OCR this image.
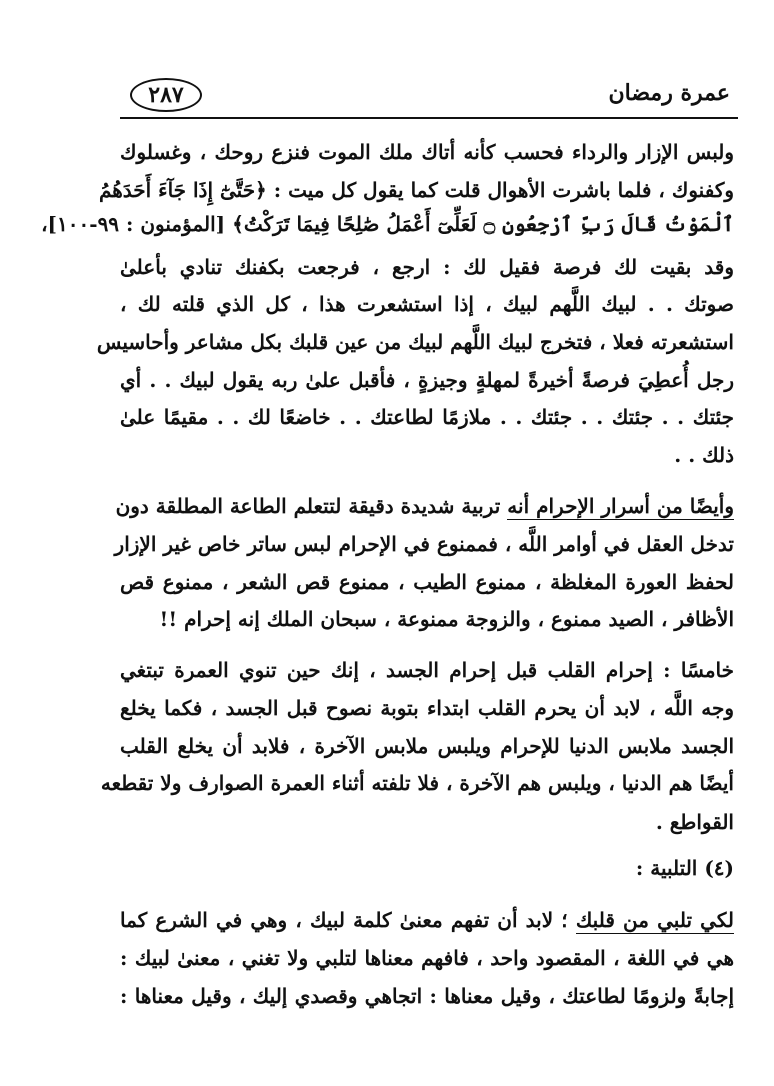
عمرة رمضان
٢٨٧
ولبس الإزار والرداء فحسب كأنه أتاك ملك الموت فنزع روحك ، وغسلوك
وكفنوك ، فلما باشرت الأهوال قلت كما يقول كل ميت : ﴿حَتَّىٰٓ إِذَا جَآءَ أَحَدَهُمُ
ٱلْمَوْتُ قَالَ رَبِّ ٱرْجِعُونِ ۝ لَعَلِّىٓ أَعْمَلُ صَٰلِحًا فِيمَا تَرَكْتُ﴾ [المؤمنون : ٩٩-١٠٠]،
وقد بقيت لك فرصة فقيل لك : ارجع ، فرجعت بكفنك تنادي بأعلىٰ
صوتك . . لبيك اللَّهم لبيك ، إذا استشعرت هذا ، كل الذي قلته لك ،
استشعرته فعلا ، فتخرج لبيك اللَّهم لبيك من عين قلبك بكل مشاعر وأحاسيس
رجل أُعطِيَ فرصةً أخيرةً لمهلةٍ وجيزةٍ ، فأقبل علىٰ ربه يقول لبيك . . أي
جئتك . . جئتك . . جئتك . . ملازمًا لطاعتك . . خاضعًا لك . . مقيمًا علىٰ
ذلك . .
وأيضًا من أسرار الإحرام أنه تربية شديدة دقيقة لتتعلم الطاعة المطلقة دون
تدخل العقل في أوامر اللَّه ، فممنوع في الإحرام لبس ساتر خاص غير الإزار
لحفظ العورة المغلظة ، ممنوع الطيب ، ممنوع قص الشعر ، ممنوع قص
الأظافر ، الصيد ممنوع ، والزوجة ممنوعة ، سبحان الملك إنه إحرام !!
خامسًا : إحرام القلب قبل إحرام الجسد ، إنك حين تنوي العمرة تبتغي
وجه اللَّه ، لابد أن يحرم القلب ابتداء بتوبة نصوح قبل الجسد ، فكما يخلع
الجسد ملابس الدنيا للإحرام ويلبس ملابس الآخرة ، فلابد أن يخلع القلب
أيضًا هم الدنيا ، ويلبس هم الآخرة ، فلا تلفته أثناء العمرة الصوارف ولا تقطعه
القواطع .
(٤) التلبية :
لكي تلبي من قلبك ؛ لابد أن تفهم معنىٰ كلمة لبيك ، وهي في الشرع كما
هي في اللغة ، المقصود واحد ، فافهم معناها لتلبي ولا تغني ، معنىٰ لبيك :
إجابةً ولزومًا لطاعتك ، وقيل معناها : اتجاهي وقصدي إليك ، وقيل معناها :
